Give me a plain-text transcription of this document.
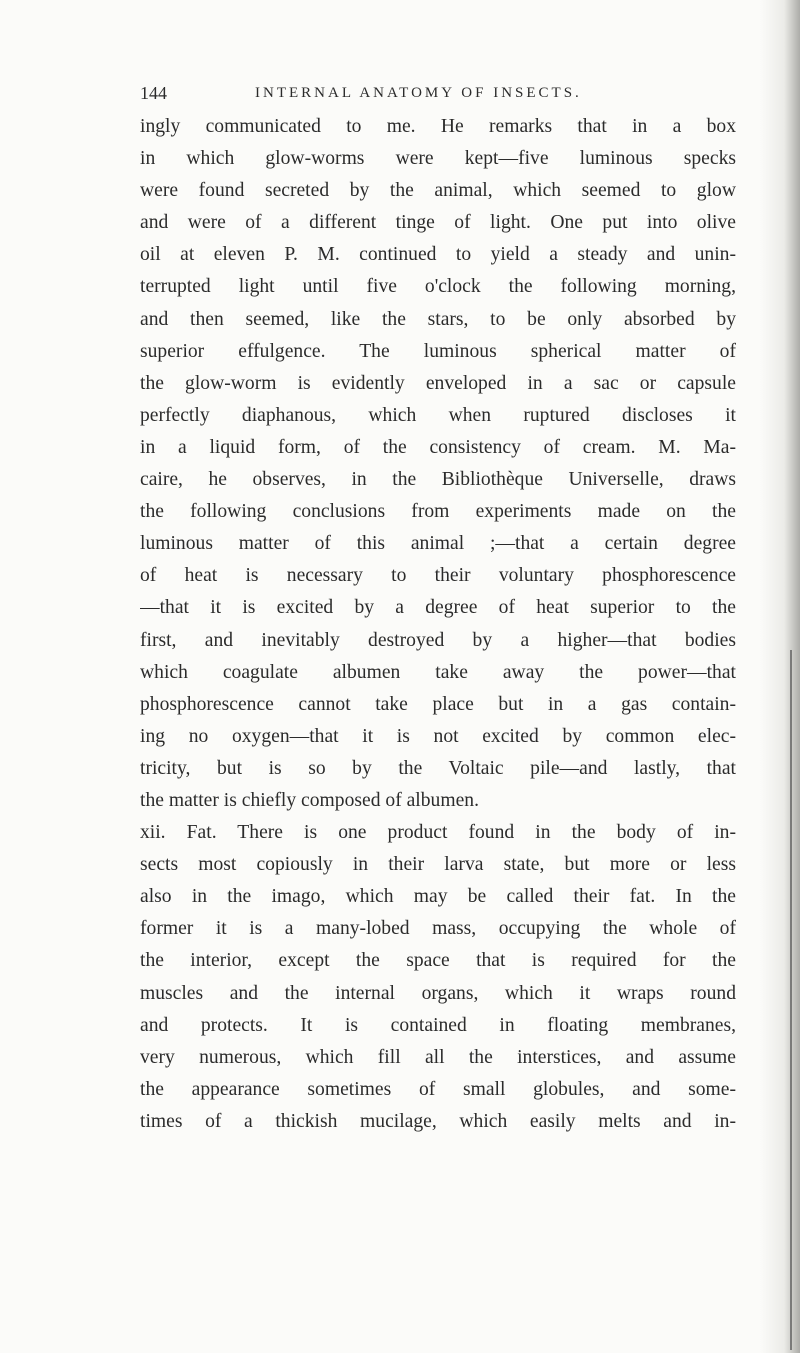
144	INTERNAL ANATOMY OF INSECTS.
ingly communicated to me. He remarks that in a box
in which glow-worms were kept—five luminous specks
were found secreted by the animal, which seemed to glow
and were of a different tinge of light. One put into olive
oil at eleven P. M. continued to yield a steady and unin-
terrupted light until five o'clock the following morning,
and then seemed, like the stars, to be only absorbed by
superior effulgence. The luminous spherical matter of
the glow-worm is evidently enveloped in a sac or capsule
perfectly diaphanous, which when ruptured discloses it
in a liquid form, of the consistency of cream. M. Ma-
caire, he observes, in the Bibliothèque Universelle, draws
the following conclusions from experiments made on the
luminous matter of this animal ;—that a certain degree
of heat is necessary to their voluntary phosphorescence
—that it is excited by a degree of heat superior to the
first, and inevitably destroyed by a higher—that bodies
which coagulate albumen take away the power—that
phosphorescence cannot take place but in a gas contain-
ing no oxygen—that it is not excited by common elec-
tricity, but is so by the Voltaic pile—and lastly, that
the matter is chiefly composed of albumen.
xii. Fat. There is one product found in the body of in-
sects most copiously in their larva state, but more or less
also in the imago, which may be called their fat. In the
former it is a many-lobed mass, occupying the whole of
the interior, except the space that is required for the
muscles and the internal organs, which it wraps round
and protects. It is contained in floating membranes,
very numerous, which fill all the interstices, and assume
the appearance sometimes of small globules, and some-
times of a thickish mucilage, which easily melts and in-
